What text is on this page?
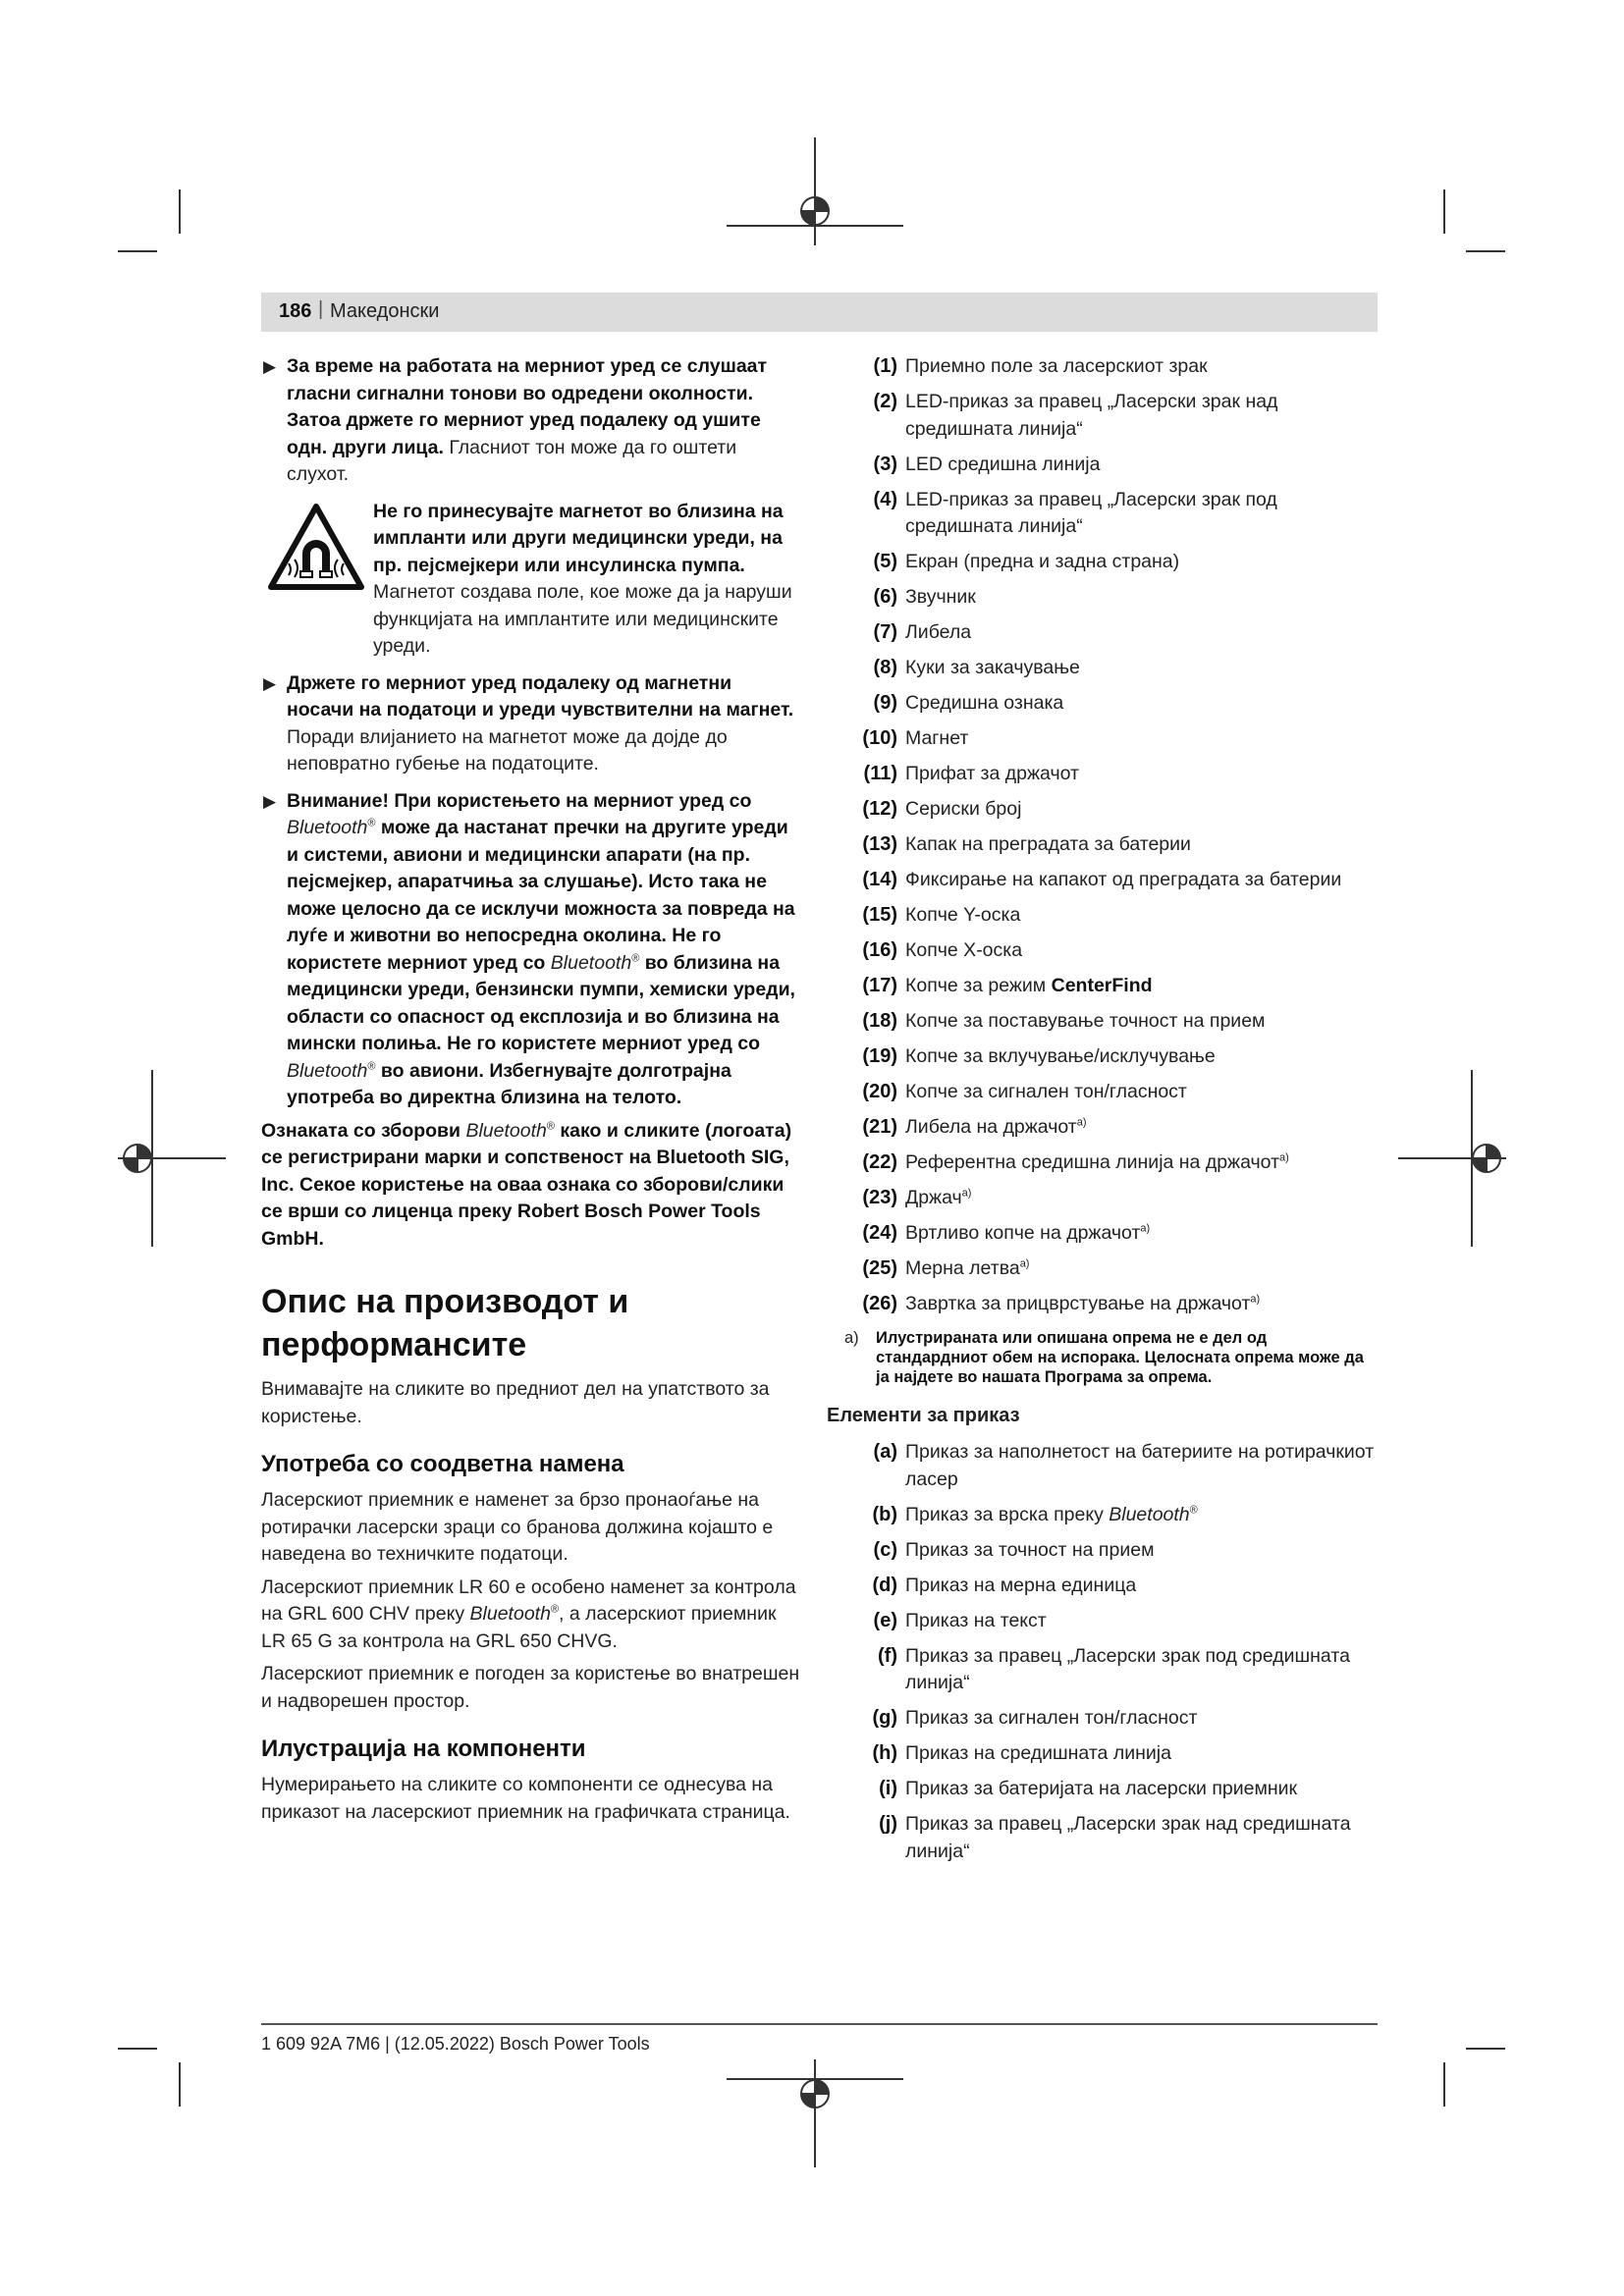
186 | Македонски
▶ За време на работата на мерниот уред се слушаат гласни сигнални тонови во одредени околности. Затоа држете го мерниот уред подалеку од ушите одн. други лица. Гласниот тон може да го оштети слухот.
Не го принесувајте магнетот во близина на импланти или други медицински уреди, на пр. пејсмејкери или инсулинска пумпа. Магнетот создава поле, кое може да ја наруши функцијата на имплантите или медицинските уреди.
▶ Држете го мерниот уред подалеку од магнетни носачи на податоци и уреди чувствителни на магнет. Поради влијанието на магнетот може да дојде до неповратно губење на податоците.
▶ Внимание! При користењето на мерниот уред со Bluetooth® може да настанат пречки на другите уреди и системи, авиони и медицински апарати (на пр. пејсмејкер, апаратчиња за слушање). Исто така не може целосно да се исклучи можноста за повреда на луѓе и животни во непосредна околина. Не го користете мерниот уред со Bluetooth® во близина на медицински уреди, бензински пумпи, хемиски уреди, области со опасност од експлозија и во близина на мински полиња. Не го користете мерниот уред со Bluetooth® во авиони. Избегнувајте долготрајна употреба во директна близина на телото.

Ознаката со зборови Bluetooth® како и сликите (логоата) се регистрирани марки и сопственост на Bluetooth SIG, Inc. Секое користење на оваа ознака со зборови/слики се врши со лиценца преку Robert Bosch Power Tools GmbH.

Опис на производот и перформансите

Внимавајте на сликите во предниот дел на упатството за користење.

Употреба со соодветна намена

Ласерскиот приемник е наменет за брзо пронаоѓање на ротирачки ласерски зраци со бранова должина којашто е наведена во техничките податоци.

Ласерскиот приемник LR 60 е особено наменет за контрола на GRL 600 CHV преку Bluetooth®, а ласерскиот приемник LR 65 G за контрола на GRL 650 CHVG.

Ласерскиот приемник е погоден за користење во внатрешен и надворешен простор.

Илустрација на компоненти

Нумерирањето на сликите со компоненти се однесува на приказот на ласерскиот приемник на графичката страница.

(1) Приемно поле за ласерскиот зрак
(2) LED-приказ за правец „Ласерски зрак над средишната линија“
(3) LED средишна линија
(4) LED-приказ за правец „Ласерски зрак под средишната линија“
(5) Екран (предна и задна страна)
(6) Звучник
(7) Либела
(8) Куки за закачување
(9) Средишна ознака
(10) Магнет
(11) Прифат за држачот
(12) Сериски број
(13) Капак на преградата за батерии
(14) Фиксирање на капакот од преградата за батерии
(15) Копче Y-оска
(16) Копче X-оска
(17) Копче за режим CenterFind
(18) Копче за поставување точност на прием
(19) Копче за вклучување/исклучување
(20) Копче за сигнален тон/гласност
(21) Либела на држачот$^{a)}$
(22) Референтна средишна линија на држачот$^{a)}$
(23) Држач$^{a)}$
(24) Вртливо копче на држачот$^{a)}$
(25) Мерна летва$^{a)}$
(26) Завртка за прицврстување на држачот$^{a)}$
a) Илустрираната или опишана опрема не е дел од стандардниот обем на испорака. Целосната опрема може да ја најдете во нашата Програма за опрема.
Елементи за приказ
(a) Приказ за наполнетост на батериите на ротирачкиот ласер
(b) Приказ за врска преку Bluetooth®
(c) Приказ за точност на прием
(d) Приказ на мерна единица
(e) Приказ на текст
(f) Приказ за правец „Ласерски зрак под средишната линија“
(g) Приказ за сигнален тон/гласност
(h) Приказ на средишната линија
(i) Приказ за батеријата на ласерски приемник
(j) Приказ за правец „Ласерски зрак над средишната линија“
1 609 92A 7M6 | (12.05.2022) Bosch Power Tools
